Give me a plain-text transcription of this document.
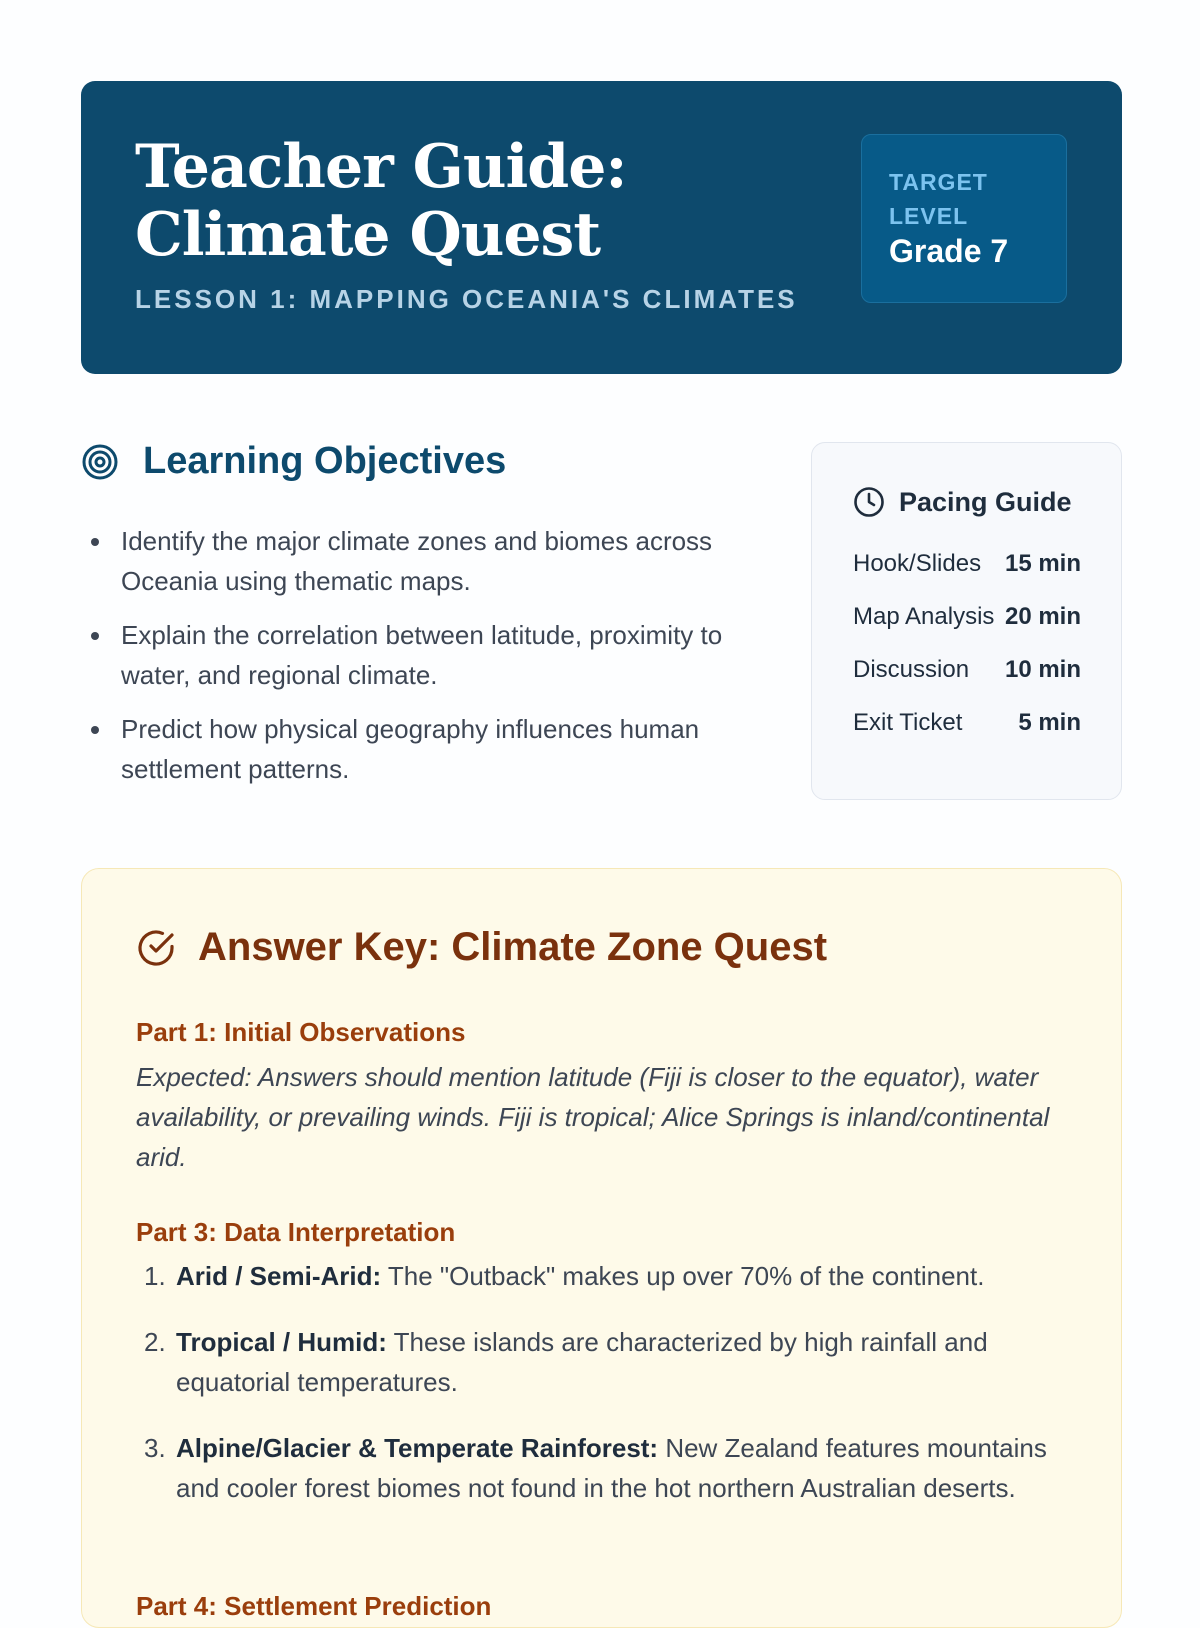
Teacher Guide: Climate Quest
LESSON 1: MAPPING OCEANIA'S CLIMATES
TARGET LEVEL
Grade 7
Learning Objectives
Identify the major climate zones and biomes across Oceania using thematic maps.
Explain the correlation between latitude, proximity to water, and regional climate.
Predict how physical geography influences human settlement patterns.
Pacing Guide
Hook/Slides 15 min
Map Analysis 20 min
Discussion 10 min
Exit Ticket 5 min
Answer Key: Climate Zone Quest
Part 1: Initial Observations
Expected: Answers should mention latitude (Fiji is closer to the equator), water availability, or prevailing winds. Fiji is tropical; Alice Springs is inland/continental arid.
Part 3: Data Interpretation
1. Arid / Semi-Arid: The "Outback" makes up over 70% of the continent.
2. Tropical / Humid: These islands are characterized by high rainfall and equatorial temperatures.
3. Alpine/Glacier & Temperate Rainforest: New Zealand features mountains and cooler forest biomes not found in the hot northern Australian deserts.
Part 4: Settlement Prediction
